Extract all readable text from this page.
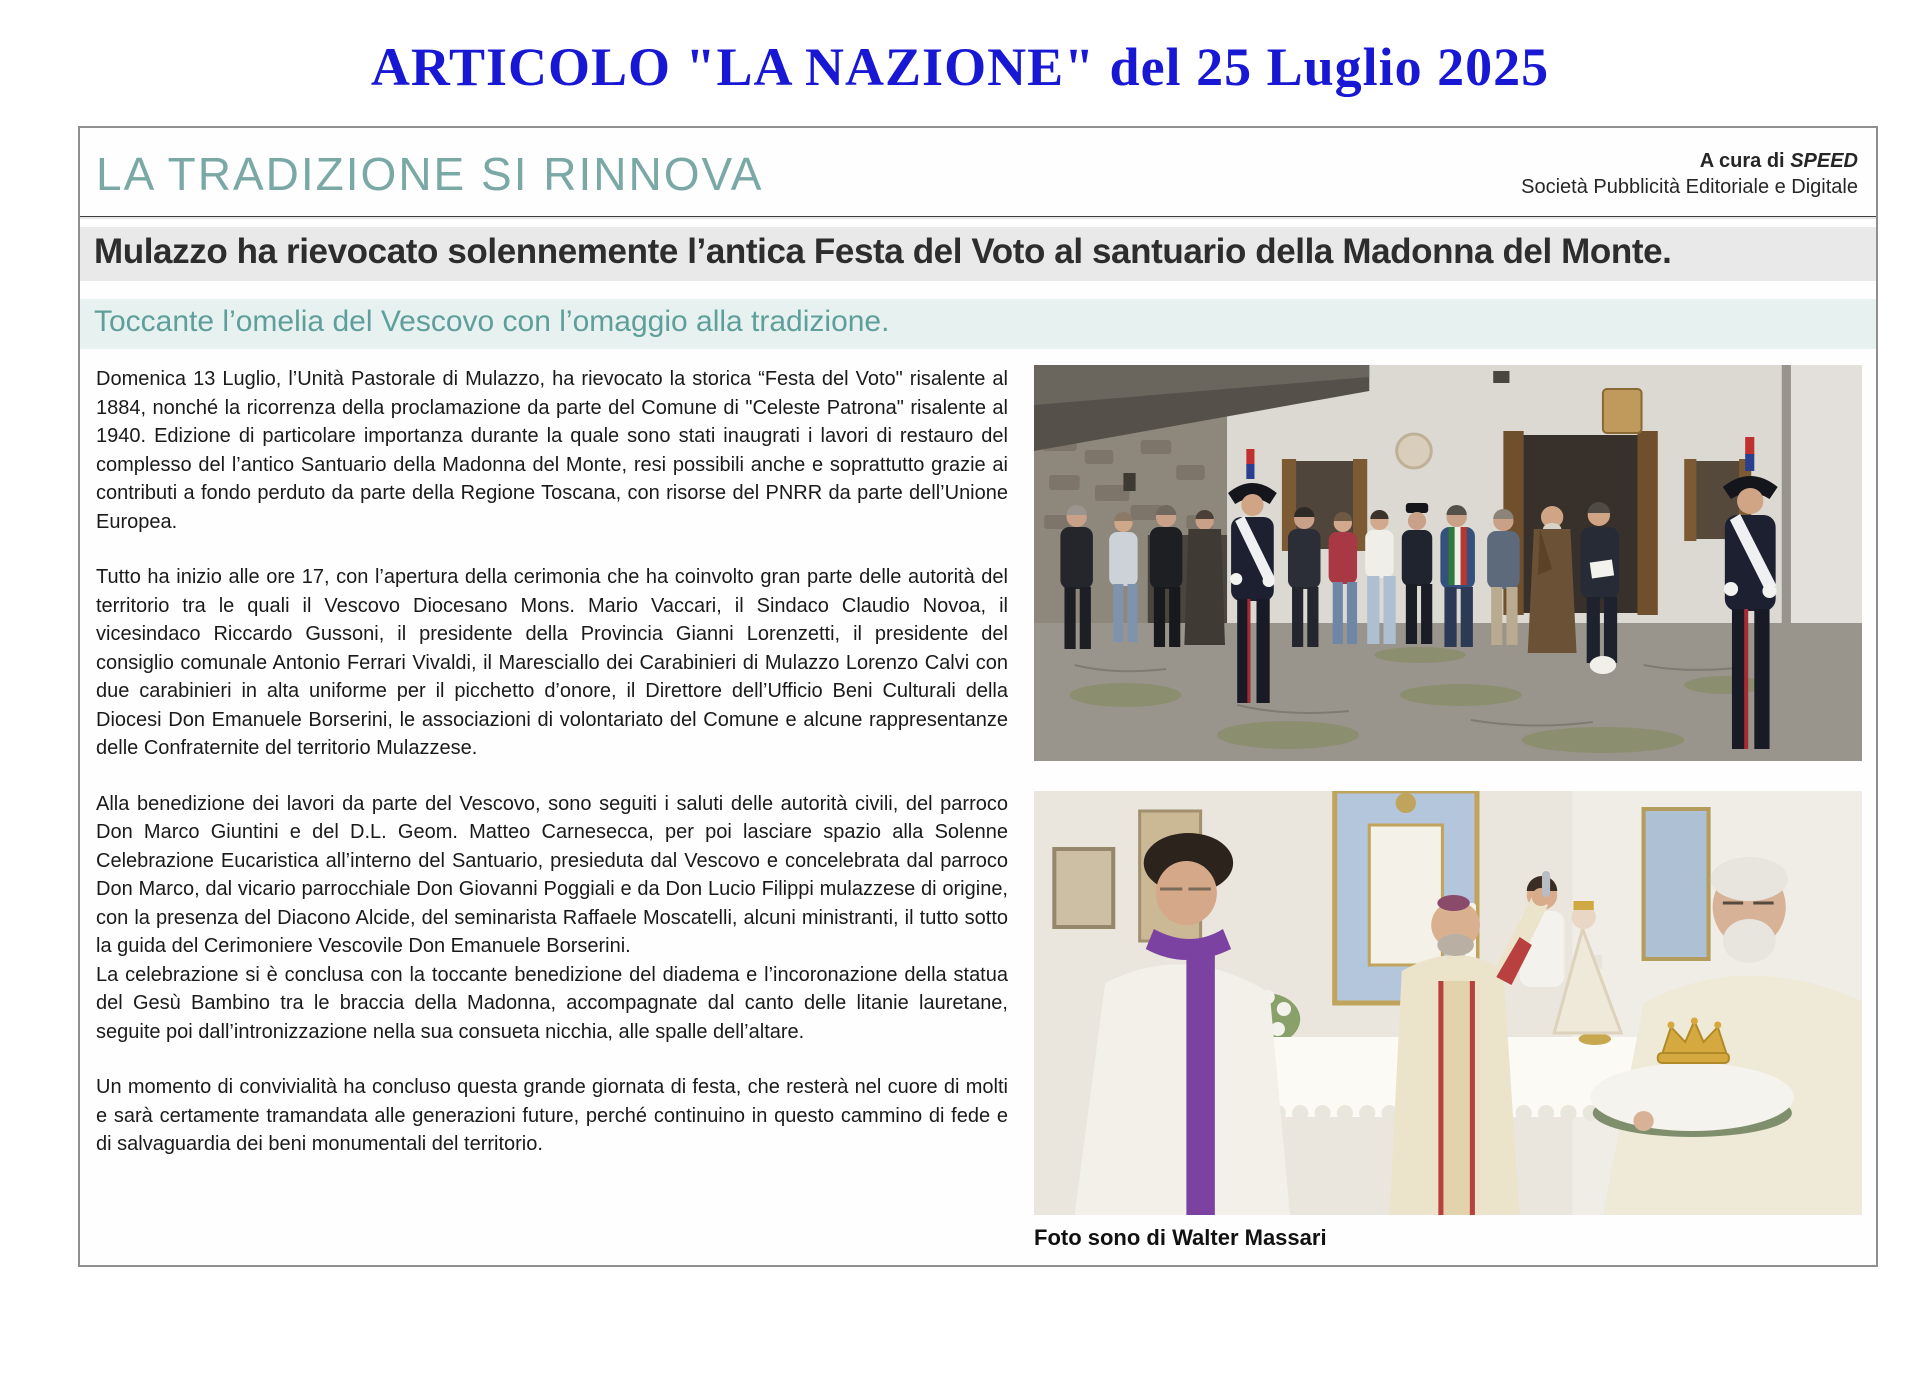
ARTICOLO "LA NAZIONE" del 25 Luglio 2025
LA TRADIZIONE SI RINNOVA	A cura di SPEED
Società Pubblicità Editoriale e Digitale
Mulazzo ha rievocato solennemente l’antica Festa del Voto al santuario della Madonna del Monte.
Toccante l’omelia del Vescovo con l’omaggio alla tradizione.

Domenica 13 Luglio, l’Unità Pastorale di Mulazzo, ha rievocato la storica “Festa del Voto" risalente al 1884, nonché la ricorrenza della proclamazione da parte del Comune di "Celeste Patrona" risalente al 1940. Edizione di particolare importanza durante la quale sono stati inaugrati i lavori di restauro del complesso del l’antico Santuario della Madonna del Monte, resi possibili anche e soprattutto grazie ai contributi a fondo perduto da parte della Regione Toscana, con risorse del PNRR da parte dell’Unione Europea.

Tutto ha inizio alle ore 17, con l’apertura della cerimonia che ha coinvolto gran parte delle autorità del territorio tra le quali il Vescovo Diocesano Mons. Mario Vaccari, il Sindaco Claudio Novoa, il vicesindaco Riccardo Gussoni, il presidente della Provincia Gianni Lorenzetti, il presidente del consiglio comunale Antonio Ferrari Vivaldi, il Maresciallo dei Carabinieri di Mulazzo Lorenzo Calvi con due carabinieri in alta uniforme per il picchetto d’onore, il Direttore dell’Ufficio Beni Culturali della Diocesi Don Emanuele Borserini, le associazioni di volontariato del Comune e alcune rappresentanze delle Confraternite del territorio Mulazzese.

Alla benedizione dei lavori da parte del Vescovo, sono seguiti i saluti delle autorità civili, del parroco Don Marco Giuntini e del D.L. Geom. Matteo Carnesecca, per poi lasciare spazio alla Solenne Celebrazione Eucaristica all’interno del Santuario, presieduta dal Vescovo e concelebrata dal parroco Don Marco, dal vicario parrocchiale Don Giovanni Poggiali e da Don Lucio Filippi mulazzese di origine, con la presenza del Diacono Alcide, del seminarista Raffaele Moscatelli, alcuni ministranti, il tutto sotto la guida del Cerimoniere Vescovile Don Emanuele Borserini.

La celebrazione si è conclusa con la toccante benedizione del diadema e l’incoronazione della statua del Gesù Bambino tra le braccia della Madonna, accompagnate dal canto delle litanie lauretane, seguite poi dall’intronizzazione nella sua consueta nicchia, alle spalle dell’altare.

Un momento di convivialità ha concluso questa grande giornata di festa, che resterà nel cuore di molti e sarà certamente tramandata alle generazioni future, perché continuino in questo cammino di fede e di salvaguardia dei beni monumentali del territorio.

Foto sono di Walter Massari
